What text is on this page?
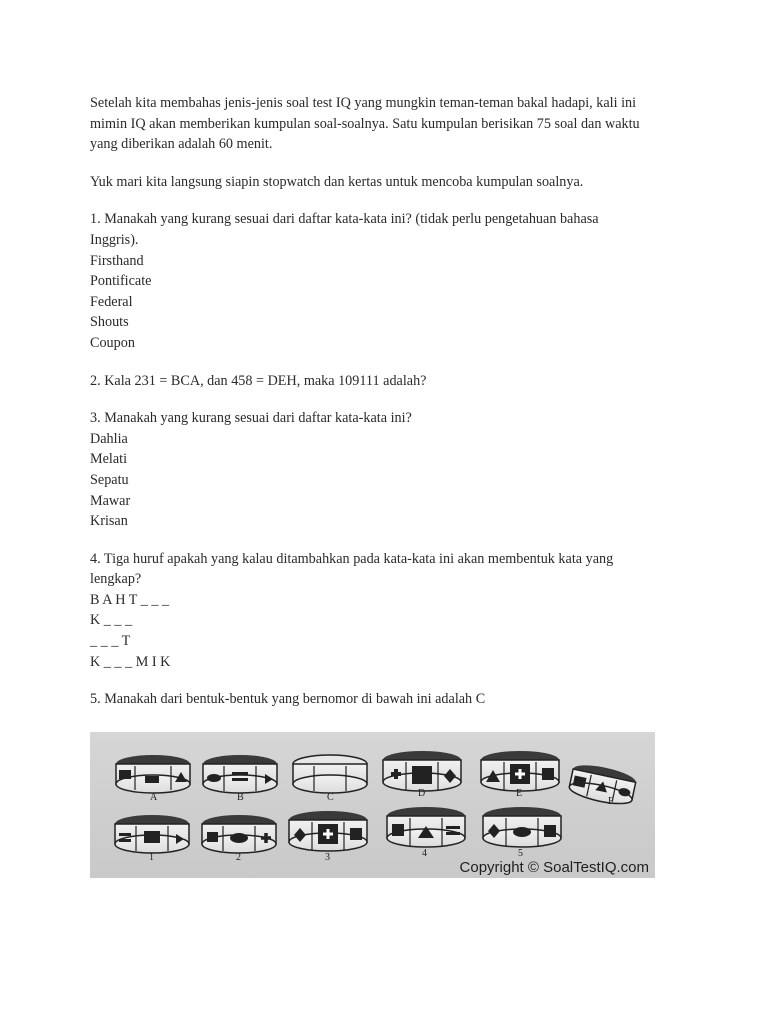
Setelah kita membahas jenis-jenis soal test IQ yang mungkin teman-teman bakal hadapi, kali ini
mimin IQ akan memberikan kumpulan soal-soalnya. Satu kumpulan berisikan 75 soal dan waktu
yang diberikan adalah 60 menit.
Yuk mari kita langsung siapin stopwatch dan kertas untuk mencoba kumpulan soalnya.
1. Manakah yang kurang sesuai dari daftar kata-kata ini? (tidak perlu pengetahuan bahasa
Inggris).
Firsthand
Pontificate
Federal
Shouts
Coupon
2. Kala 231 = BCA, dan 458 = DEH, maka 109111 adalah?
3. Manakah yang kurang sesuai dari daftar kata-kata ini?
Dahlia
Melati
Sepatu
Mawar
Krisan
4. Tiga huruf apakah yang kalau ditambahkan pada kata-kata ini akan membentuk kata yang
lengkap?
B A H T _ _ _
K _ _ _
_ _ _ T
K _ _ _ M I K
5. Manakah dari bentuk-bentuk yang bernomor di bawah ini adalah C
A	B	C	D	E
F
1	2	3	4	5
Copyright © SoalTestIQ.com
